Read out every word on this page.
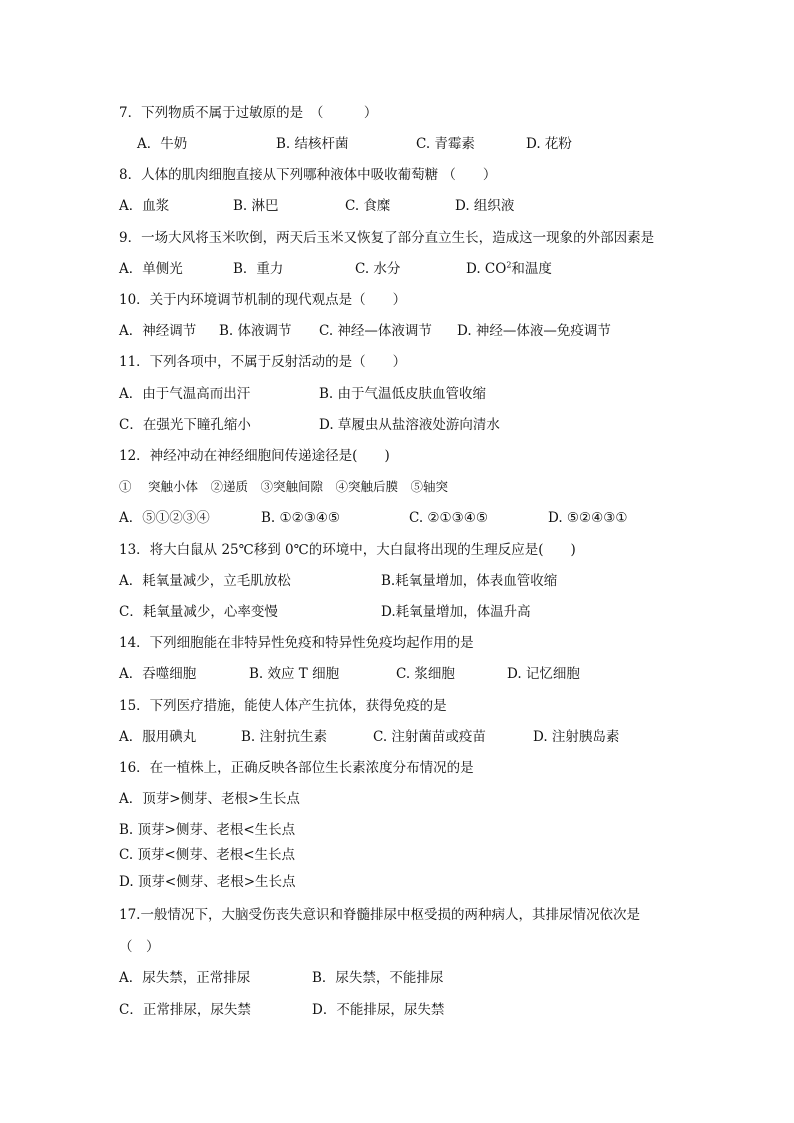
7．下列物质不属于过敏原的是　（　　　）
A．牛奶	B. 结核杆菌	C. 青霉素	D. 花粉
8．人体的肌肉细胞直接从下列哪种液体中吸收葡萄糖 （　　）
A．血浆	B. 淋巴	C. 食糜	D. 组织液
9．一场大风将玉米吹倒，两天后玉米又恢复了部分直立生长，造成这一现象的外部因素是
A．单侧光	B．重力	C. 水分	D. $CO^2$和温度
10．关于内环境调节机制的现代观点是（　　）
A．神经调节 B. 体液调节 C. 神经—体液调节 D. 神经—体液—免疫调节
11．下列各项中，不属于反射活动的是（　　）
A．由于气温高而出汗	B. 由于气温低皮肤血管收缩
C．在强光下瞳孔缩小	D. 草履虫从盐溶液处游向清水
12．神经冲动在神经细胞间传递途径是(　　)
①　 突触小体　②递质　③突触间隙　④突触后膜　⑤轴突
A．⑤①②③④	B. ①②③④⑤	C. ②①③④⑤	D. ⑤②④③①
13．将大白鼠从 25℃移到 0℃的环境中，大白鼠将出现的生理反应是(　　)
A．耗氧量减少，立毛肌放松	B.耗氧量增加，体表血管收缩
C．耗氧量减少，心率变慢	D.耗氧量增加，体温升高
14．下列细胞能在非特异性免疫和特异性免疫均起作用的是
A．吞噬细胞	B. 效应 T 细胞	C. 浆细胞	D. 记忆细胞
15．下列医疗措施，能使人体产生抗体，获得免疫的是
A．服用碘丸	B. 注射抗生素	C. 注射菌苗或疫苗	D. 注射胰岛素
16．在一植株上，正确反映各部位生长素浓度分布情况的是
A．顶芽>侧芽、老根>生长点
B. 顶芽>侧芽、老根<生长点
C. 顶芽<侧芽、老根<生长点
D. 顶芽<侧芽、老根>生长点
17.一般情况下，大脑受伤丧失意识和脊髓排尿中枢受损的两种病人，其排尿情况依次是
（　）
A．尿失禁，正常排尿	B．尿失禁，不能排尿
C．正常排尿，尿失禁	D．不能排尿，尿失禁
